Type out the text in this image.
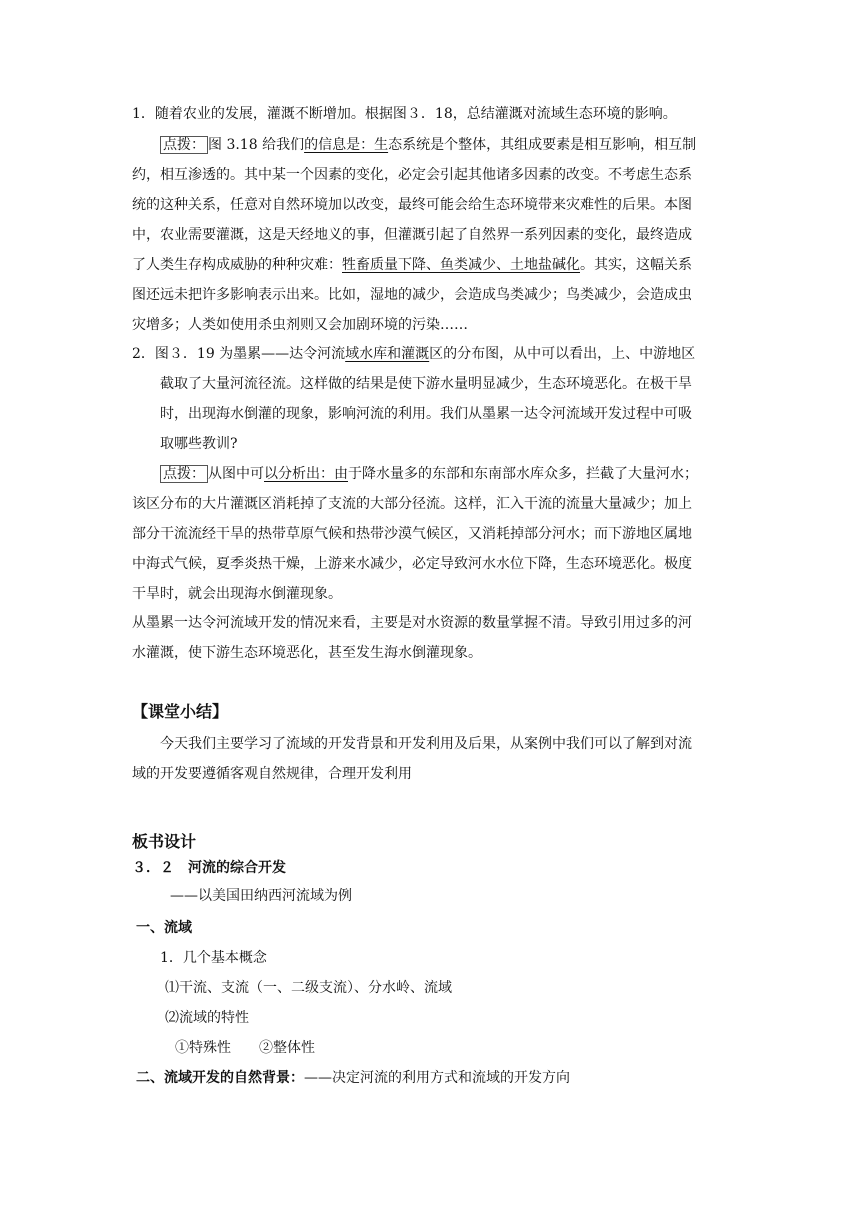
1．随着农业的发展，灌溉不断增加。根据图３．18，总结灌溉对流域生态环境的影响。
点拨： 图 3.18 给我们的信息是：生态系统是个整体，其组成要素是相互影响，相互制
约，相互渗透的。其中某一个因素的变化，必定会引起其他诸多因素的改变。不考虑生态系
统的这种关系，任意对自然环境加以改变，最终可能会给生态环境带来灾难性的后果。本图
中，农业需要灌溉，这是天经地义的事，但灌溉引起了自然界一系列因素的变化，最终造成
了人类生存构成威胁的种种灾难：牲畜质量下降、鱼类减少、土地盐碱化。其实，这幅关系
图还远未把许多影响表示出来。比如，湿地的减少，会造成鸟类减少；鸟类减少，会造成虫
灾增多；人类如使用杀虫剂则又会加剧环境的污染……
2．图３．19 为墨累——达令河流域水库和灌溉区的分布图，从中可以看出，上、中游地区
截取了大量河流径流。这样做的结果是使下游水量明显减少，生态环境恶化。在极干旱
时，出现海水倒灌的现象，影响河流的利用。我们从墨累一达令河流域开发过程中可吸
取哪些教训?
点拨： 从图中可以分析出：由于降水量多的东部和东南部水库众多，拦截了大量河水；
该区分布的大片灌溉区消耗掉了支流的大部分径流。这样，汇入干流的流量大量减少；加上
部分干流流经干旱的热带草原气候和热带沙漠气候区，又消耗掉部分河水；而下游地区属地
中海式气候，夏季炎热干燥，上游来水减少，必定导致河水水位下降，生态环境恶化。极度
干旱时，就会出现海水倒灌现象。
从墨累一达令河流域开发的情况来看，主要是对水资源的数量掌握不清。导致引用过多的河
水灌溉，使下游生态环境恶化，甚至发生海水倒灌现象。
【课堂小结】
今天我们主要学习了流域的开发背景和开发利用及后果，从案例中我们可以了解到对流
域的开发要遵循客观自然规律，合理开发利用
板书设计
３．２　河流的综合开发
——以美国田纳西河流域为例
一、流域
1．几个基本概念
⑴干流、支流（一、二级支流）、分水岭、流域
⑵流域的特性
①特殊性　　②整体性
二、流域开发的自然背景：——决定河流的利用方式和流域的开发方向
